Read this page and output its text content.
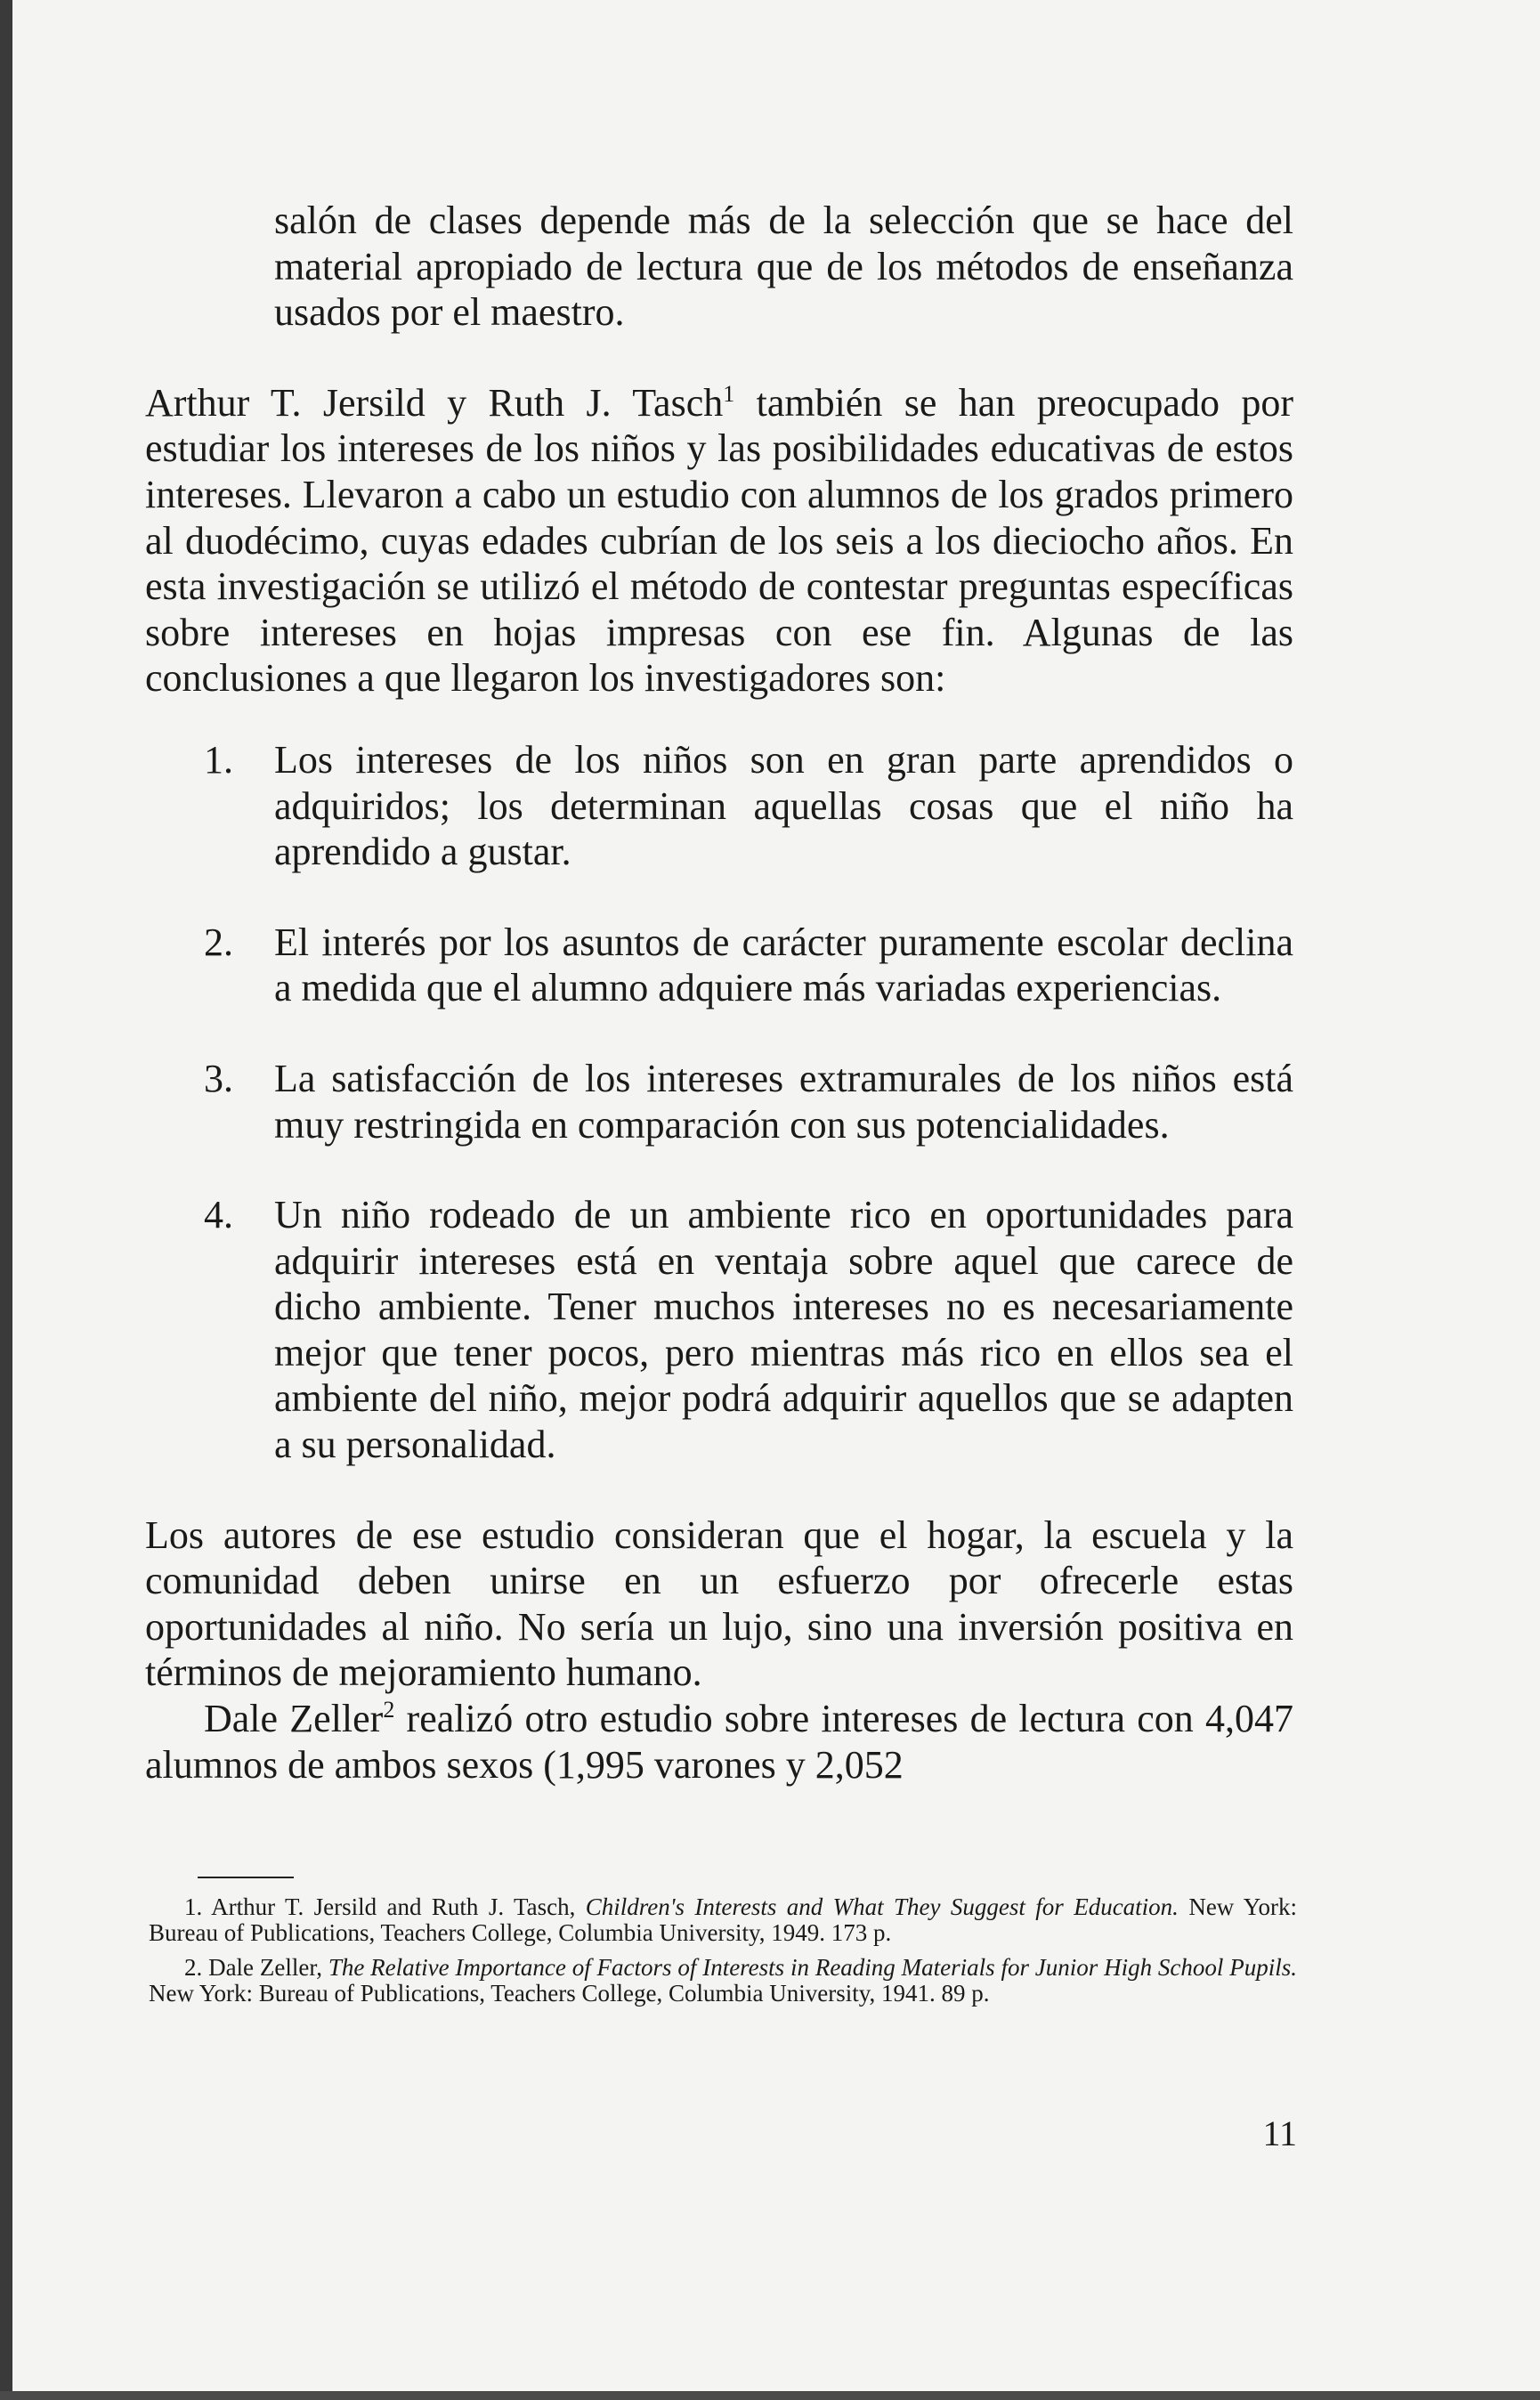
salón de clases depende más de la selección que se hace del material apropiado de lectura que de los métodos de enseñanza usados por el maestro.

Arthur T. Jersild y Ruth J. Tasch$^1$ también se han preocupado por estudiar los intereses de los niños y las posibilidades educativas de estos intereses. Llevaron a cabo un estudio con alumnos de los grados primero al duodécimo, cuyas edades cubrían de los seis a los dieciocho años. En esta investigación se utilizó el método de contestar preguntas específicas sobre intereses en hojas impresas con ese fin. Algunas de las conclusiones a que llegaron los investigadores son:

1. Los intereses de los niños son en gran parte aprendidos o adquiridos; los determinan aquellas cosas que el niño ha aprendido a gustar.
2. El interés por los asuntos de carácter puramente escolar declina a medida que el alumno adquiere más variadas experiencias.
3. La satisfacción de los intereses extramurales de los niños está muy restringida en comparación con sus potencialidades.
4. Un niño rodeado de un ambiente rico en oportunidades para adquirir intereses está en ventaja sobre aquel que carece de dicho ambiente. Tener muchos intereses no es necesariamente mejor que tener pocos, pero mientras más rico en ellos sea el ambiente del niño, mejor podrá adquirir aquellos que se adapten a su personalidad.

Los autores de ese estudio consideran que el hogar, la escuela y la comunidad deben unirse en un esfuerzo por ofrecerle estas oportunidades al niño. No sería un lujo, sino una inversión positiva en términos de mejoramiento humano.

Dale Zeller$^2$ realizó otro estudio sobre intereses de lectura con 4,047 alumnos de ambos sexos (1,995 varones y 2,052

1. Arthur T. Jersild and Ruth J. Tasch, Children's Interests and What They Suggest for Education. New York: Bureau of Publications, Teachers College, Columbia University, 1949. 173 p.

2. Dale Zeller, The Relative Importance of Factors of Interests in Reading Materials for Junior High School Pupils. New York: Bureau of Publications, Teachers College, Columbia University, 1941. 89 p.

11
